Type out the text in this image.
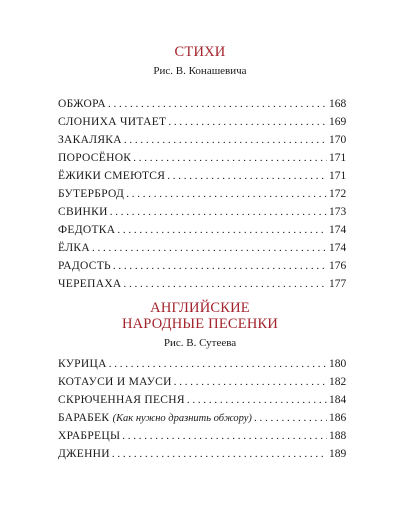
СТИХИ

Рис. В. Конашевича

ОБЖОРА . . .	168
СЛОНИХА ЧИТАЕТ . . .	169
ЗАКАЛЯКА . . .	170
ПОРОСЁНОК . . .	171
ЁЖИКИ СМЕЮТСЯ . . .	171
БУТЕРБРОД . . .	172
СВИНКИ . . .	173
ФЕДОТКА . . .	174
ЁЛКА . . .	174
РАДОСТЬ . . .	176
ЧЕРЕПАХА . . .	177

АНГЛИЙСКИЕ

НАРОДНЫЕ ПЕСЕНКИ

Рис. В. Сутеева

КУРИЦА . . .	180
КОТАУСИ И МАУСИ . . .	182
СКРЮЧЕННАЯ ПЕСНЯ . . .	184
БАРАБЕК (Как нужно дразнить обжору) . . .	186
ХРАБРЕЦЫ . . .	188
ДЖЕННИ . . .	189
